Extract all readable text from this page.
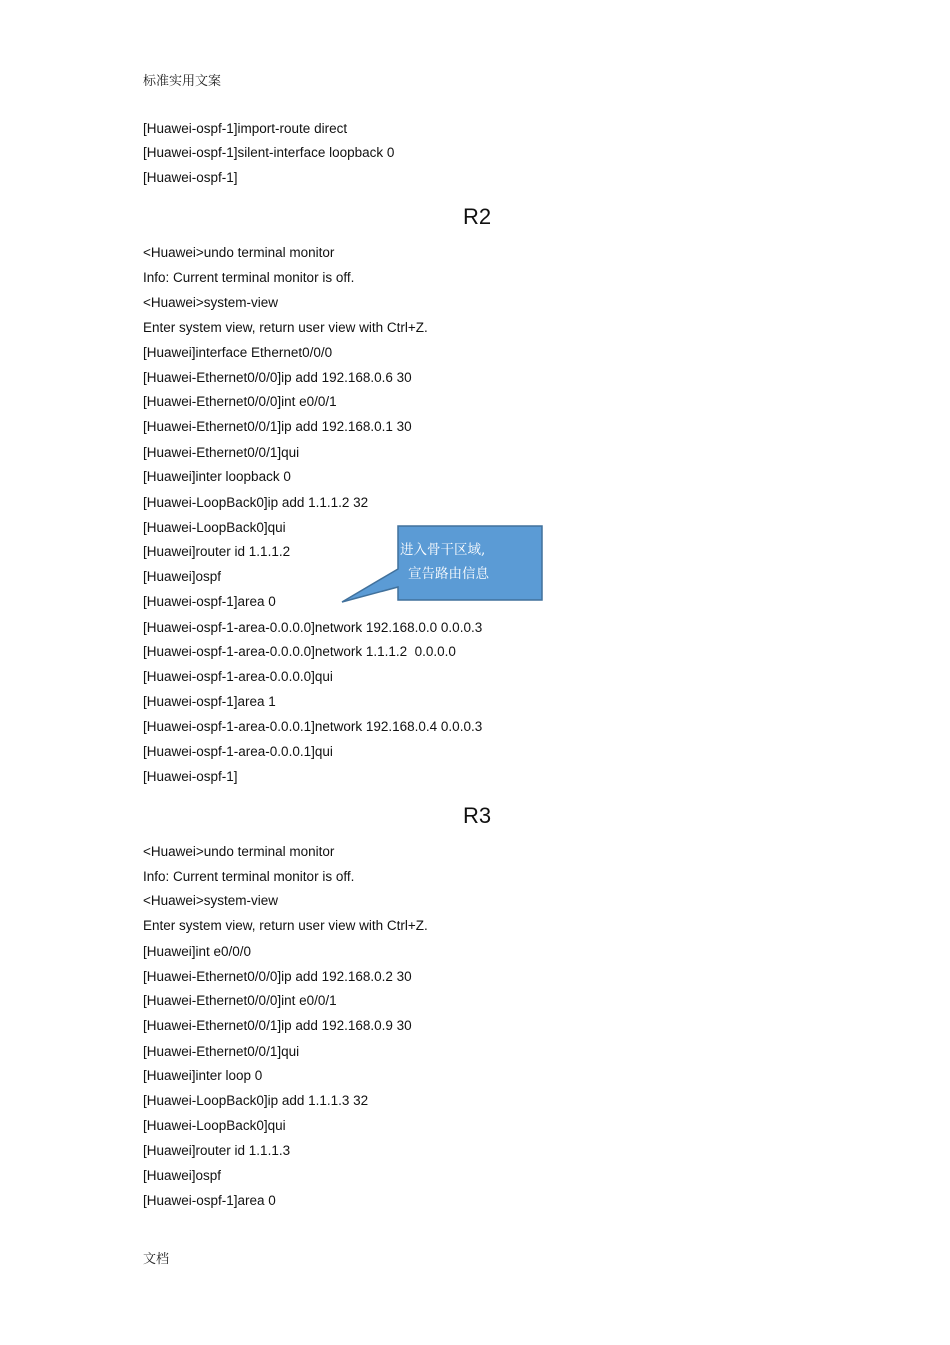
标准实用文案
[Huawei-ospf-1]import-route direct
[Huawei-ospf-1]silent-interface loopback 0
[Huawei-ospf-1]
R2
<Huawei>undo terminal monitor
Info: Current terminal monitor is off.
<Huawei>system-view
Enter system view, return user view with Ctrl+Z.
[Huawei]interface Ethernet0/0/0
[Huawei-Ethernet0/0/0]ip add 192.168.0.6 30
[Huawei-Ethernet0/0/0]int e0/0/1
[Huawei-Ethernet0/0/1]ip add 192.168.0.1 30
[Huawei-Ethernet0/0/1]qui
[Huawei]inter loopback 0
[Huawei-LoopBack0]ip add 1.1.1.2 32
[Huawei-LoopBack0]qui
[Huawei]router id 1.1.1.2
[Huawei]ospf
[Huawei-ospf-1]area 0
[Huawei-ospf-1-area-0.0.0.0]network 192.168.0.0 0.0.0.3
[Huawei-ospf-1-area-0.0.0.0]network 1.1.1.2  0.0.0.0
[Huawei-ospf-1-area-0.0.0.0]qui
[Huawei-ospf-1]area 1
[Huawei-ospf-1-area-0.0.0.1]network 192.168.0.4 0.0.0.3
[Huawei-ospf-1-area-0.0.0.1]qui
[Huawei-ospf-1]
进入骨干区域,
宣告路由信息
R3
<Huawei>undo terminal monitor
Info: Current terminal monitor is off.
<Huawei>system-view
Enter system view, return user view with Ctrl+Z.
[Huawei]int e0/0/0
[Huawei-Ethernet0/0/0]ip add 192.168.0.2 30
[Huawei-Ethernet0/0/0]int e0/0/1
[Huawei-Ethernet0/0/1]ip add 192.168.0.9 30
[Huawei-Ethernet0/0/1]qui
[Huawei]inter loop 0
[Huawei-LoopBack0]ip add 1.1.1.3 32
[Huawei-LoopBack0]qui
[Huawei]router id 1.1.1.3
[Huawei]ospf
[Huawei-ospf-1]area 0
文档
